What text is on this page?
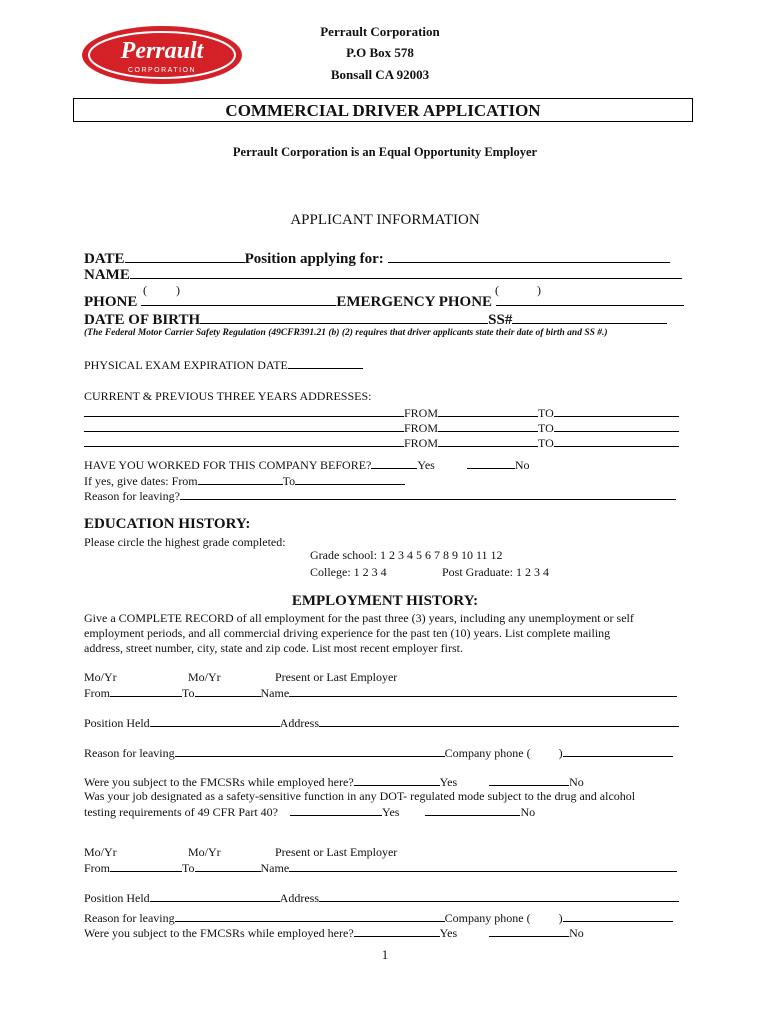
Perrault
CORPORATION
Perrault Corporation
P.O Box 578
Bonsall CA 92003
COMMERCIAL DRIVER APPLICATION
Perrault Corporation is an Equal Opportunity Employer
APPLICANT INFORMATION
DATE	Position applying for:
NAME
( )	(	)
PHONE	EMERGENCY PHONE
DATE OF BIRTH	SS#
(The Federal Motor Carrier Safety Regulation (49CFR391.21 (b) (2) requires that driver applicants state their date of birth and SS #.)
PHYSICAL EXAM EXPIRATION DATE
CURRENT & PREVIOUS THREE YEARS ADDRESSES:
FROM	TO
FROM	TO
FROM	TO
HAVE YOU WORKED FOR THIS COMPANY BEFORE?	Yes	No
If yes, give dates: From	To
Reason for leaving?
EDUCATION HISTORY:
Please circle the highest grade completed:
Grade school: 1 2 3 4 5 6 7 8 9 10 11 12
College: 1 2 3 4	Post Graduate: 1 2 3 4
EMPLOYMENT HISTORY:
Give a COMPLETE RECORD of all employment for the past three (3) years, including any unemployment or self
employment periods, and all commercial driving experience for the past ten (10) years. List complete mailing
address, street number, city, state and zip code. List most recent employer first.
Mo/Yr	Mo/Yr	Present or Last Employer
From	To	Name
Position Held	Address
Reason for leaving	Company phone ( )
Were you subject to the FMCSRs while employed here?	Yes	No
Was your job designated as a safety-sensitive function in any DOT- regulated mode subject to the drug and alcohol
testing requirements of 49 CFR Part 40?	Yes	No
Mo/Yr	Mo/Yr	Present or Last Employer
From	To	Name
Position Held	Address
Reason for leaving	Company phone ( )
Were you subject to the FMCSRs while employed here?	Yes	No
1
